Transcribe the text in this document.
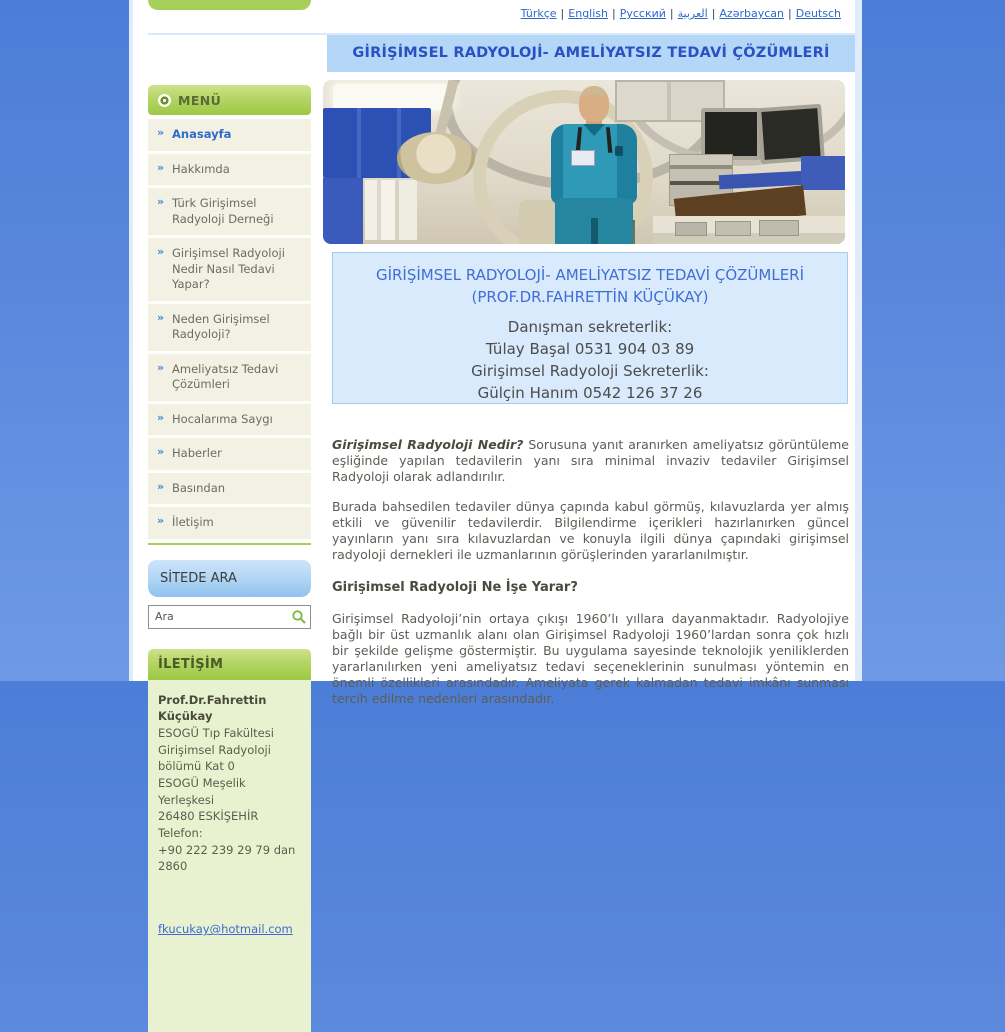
Türkçe | English | Русский | العربية | Azərbaycan | Deutsch
GİRİŞİMSEL RADYOLOJİ- AMELİYATSIZ TEDAVİ ÇÖZÜMLERİ
MENÜ
» Anasayfa
» Hakkımda
» Türk Girişimsel Radyoloji Derneği
» Girişimsel Radyoloji Nedir Nasıl Tedavi Yapar?
» Neden Girişimsel Radyoloji?
» Ameliyatsız Tedavi Çözümleri
» Hocalarıma Saygı
» Haberler
» Basından
» İletişim
SİTEDE ARA
Ara
İLETİŞİM
Prof.Dr.Fahrettin Küçükay
ESOGÜ Tıp Fakültesi Girişimsel Radyoloji bölümü Kat 0
ESOGÜ Meşelik Yerleşkesi
26480 ESKİŞEHİR
Telefon:
+90 222 239 29 79 dan 2860
fkucukay@hotmail.com
GİRİŞİMSEL RADYOLOJİ- AMELİYATSIZ TEDAVİ ÇÖZÜMLERİ
(PROF.DR.FAHRETTİN KÜÇÜKAY)
Danışman sekreterlik:
Tülay Başal 0531 904 03 89
Girişimsel Radyoloji Sekreterlik:
Gülçin Hanım 0542 126 37 26

Girişimsel Radyoloji Nedir? Sorusuna yanıt aranırken ameliyatsız görüntüleme eşliğinde yapılan tedavilerin yanı sıra minimal invaziv tedaviler Girişimsel Radyoloji olarak adlandırılır.

Burada bahsedilen tedaviler dünya çapında kabul görmüş, kılavuzlarda yer almış etkili ve güvenilir tedavilerdir. Bilgilendirme içerikleri hazırlanırken güncel yayınların yanı sıra kılavuzlardan ve konuyla ilgili dünya çapındaki girişimsel radyoloji dernekleri ile uzmanlarının görüşlerinden yararlanılmıştır.

Girişimsel Radyoloji Ne İşe Yarar?

Girişimsel Radyoloji’nin ortaya çıkışı 1960’lı yıllara dayanmaktadır. Radyolojiye bağlı bir üst uzmanlık alanı olan Girişimsel Radyoloji 1960’lardan sonra çok hızlı bir şekilde gelişme göstermiştir. Bu uygulama sayesinde teknolojik yeniliklerden yararlanılırken yeni ameliyatsız tedavi seçeneklerinin sunulması yöntemin en önemli özellikleri arasındadır. Ameliyata gerek kalmadan tedavi imkânı sunması tercih edilme nedenleri arasındadır.
